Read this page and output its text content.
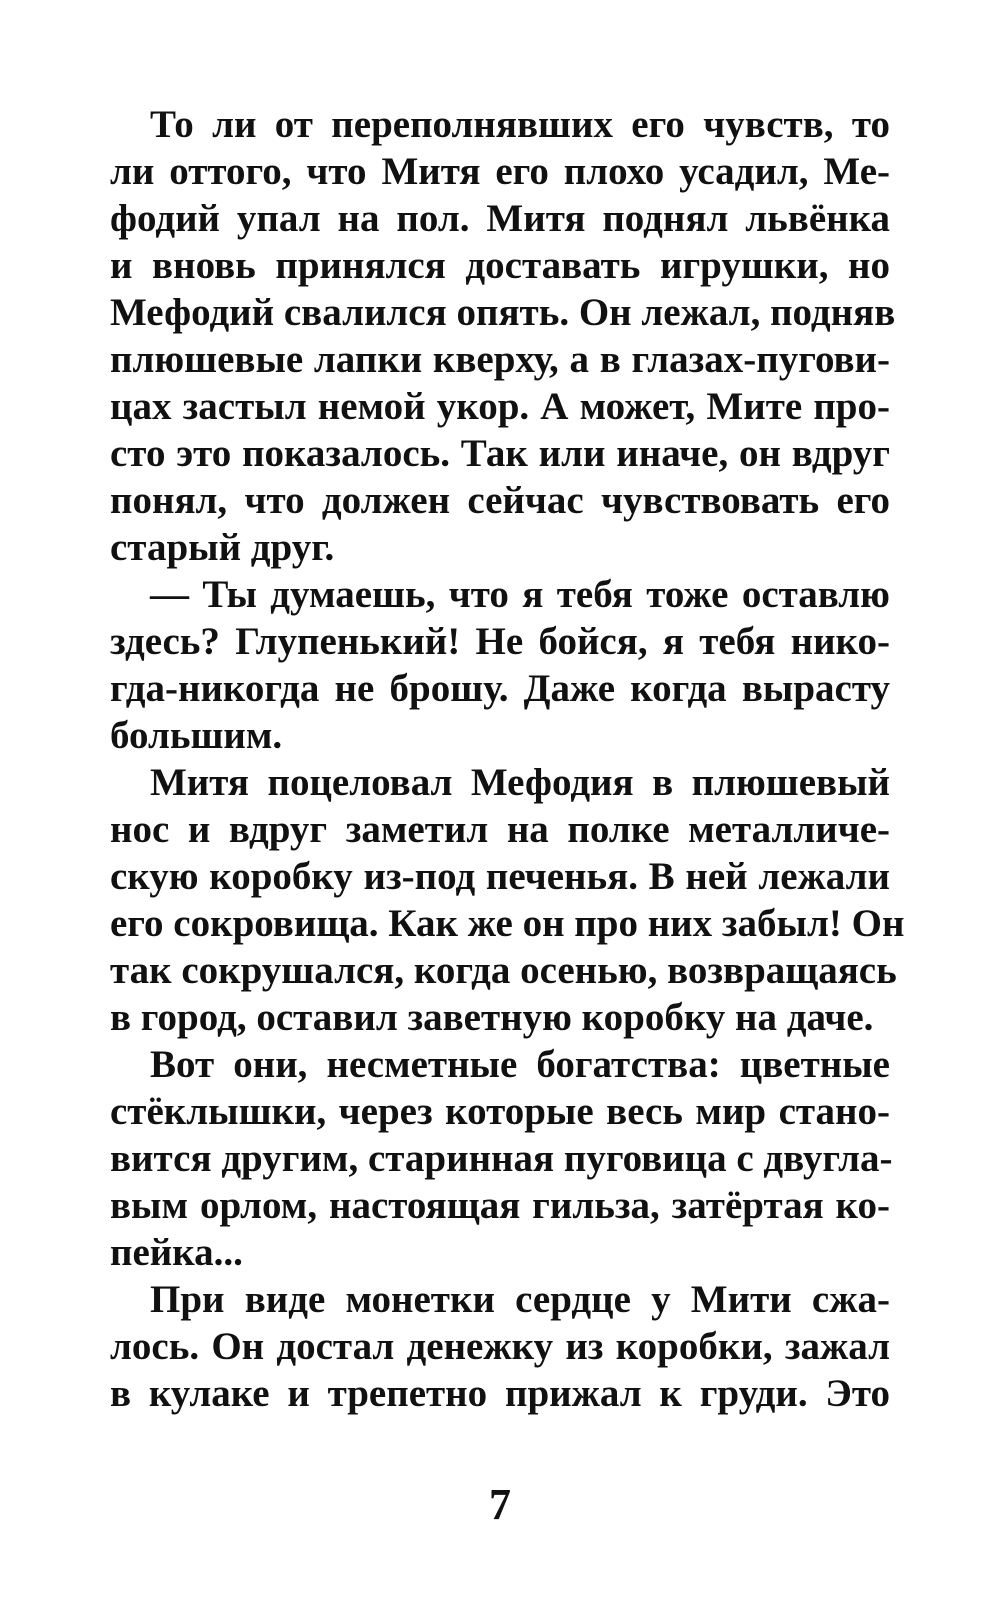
То ли от переполнявших его чувств, то
ли оттого, что Митя его плохо усадил, Ме-
фодий упал на пол. Митя поднял львёнка
и вновь принялся доставать игрушки, но
Мефодий свалился опять. Он лежал, подняв
плюшевые лапки кверху, а в глазах-пугови-
цах застыл немой укор. А может, Мите про-
сто это показалось. Так или иначе, он вдруг
понял, что должен сейчас чувствовать его
старый друг.
— Ты думаешь, что я тебя тоже оставлю
здесь? Глупенький! Не бойся, я тебя нико-
гда-никогда не брошу. Даже когда вырасту
большим.
Митя поцеловал Мефодия в плюшевый
нос и вдруг заметил на полке металличе-
скую коробку из-под печенья. В ней лежали
его сокровища. Как же он про них забыл! Он
так сокрушался, когда осенью, возвращаясь
в город, оставил заветную коробку на даче.
Вот они, несметные богатства: цветные
стёклышки, через которые весь мир стано-
вится другим, старинная пуговица с двугла-
вым орлом, настоящая гильза, затёртая ко-
пейка...
При виде монетки сердце у Мити сжа-
лось. Он достал денежку из коробки, зажал
в кулаке и трепетно прижал к груди. Это
7
